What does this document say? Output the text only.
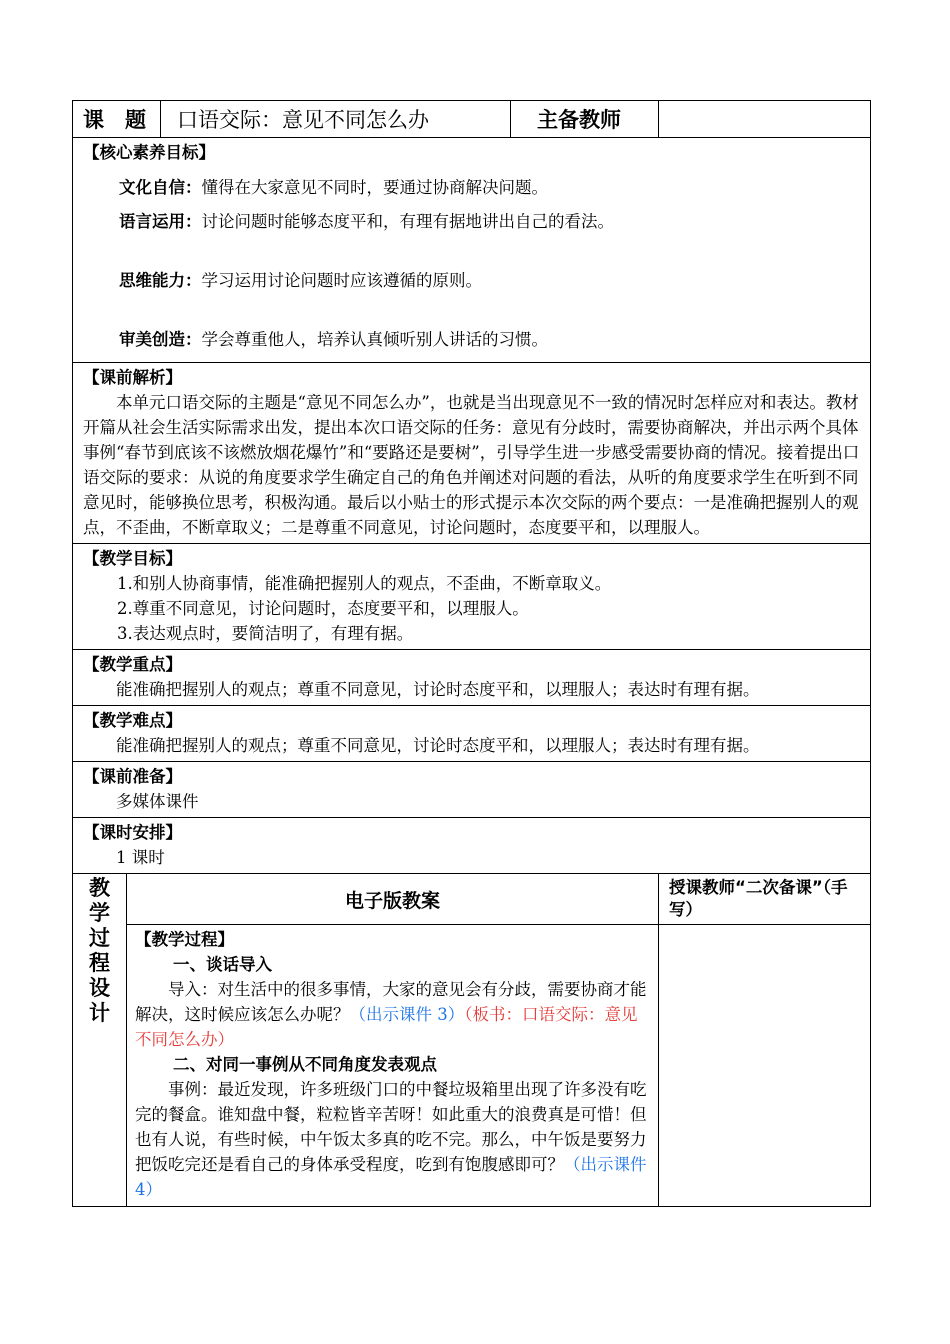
课　题		口语交际：意见不同怎么办	主备教师	

【核心素养目标】
文化自信：懂得在大家意见不同时，要通过协商解决问题。
语言运用：讨论问题时能够态度平和，有理有据地讲出自己的看法。
思维能力：学习运用讨论问题时应该遵循的原则。
审美创造：学会尊重他人，培养认真倾听别人讲话的习惯。				

【课前解析】
本单元口语交际的主题是“意见不同怎么办”，也就是当出现意见不一致的情况时怎样应对和表达。教材开篇从社会生活实际需求出发，提出本次口语交际的任务：意见有分歧时，需要协商解决，并出示两个具体事例“春节到底该不该燃放烟花爆竹”和“要路还是要树”，引导学生进一步感受需要协商的情况。接着提出口语交际的要求：从说的角度要求学生确定自己的角色并阐述对问题的看法，从听的角度要求学生在听到不同意见时，能够换位思考，积极沟通。最后以小贴士的形式提示本次交际的两个要点：一是准确把握别人的观点，不歪曲，不断章取义；二是尊重不同意见，讨论问题时，态度要平和，以理服人。				

【教学目标】
1.和别人协商事情，能准确把握别人的观点，不歪曲，不断章取义。
2.尊重不同意见，讨论问题时，态度要平和，以理服人。
3.表达观点时，要简洁明了，有理有据。				

【教学重点】
能准确把握别人的观点；尊重不同意见，讨论时态度平和，以理服人；表达时有理有据。				

【教学难点】
能准确把握别人的观点；尊重不同意见，讨论时态度平和，以理服人；表达时有理有据。				

【课前准备】
多媒体课件				

【课时安排】
1 课时				

教学过程设计	电子版教案			授课教师“二次备课”（手写）

	【教学过程】
一、谈话导入
导入：对生活中的很多事情，大家的意见会有分歧，需要协商才能解决，这时候应该怎么办呢？（出示课件 3）（板书：口语交际：意见不同怎么办）
二、对同一事例从不同角度发表观点
事例：最近发现，许多班级门口的中餐垃圾箱里出现了许多没有吃完的餐盒。谁知盘中餐，粒粒皆辛苦呀！如此重大的浪费真是可惜！但也有人说，有些时候，中午饭太多真的吃不完。那么，中午饭是要努力把饭吃完还是看自己的身体承受程度，吃到有饱腹感即可？（出示课件 4）			
